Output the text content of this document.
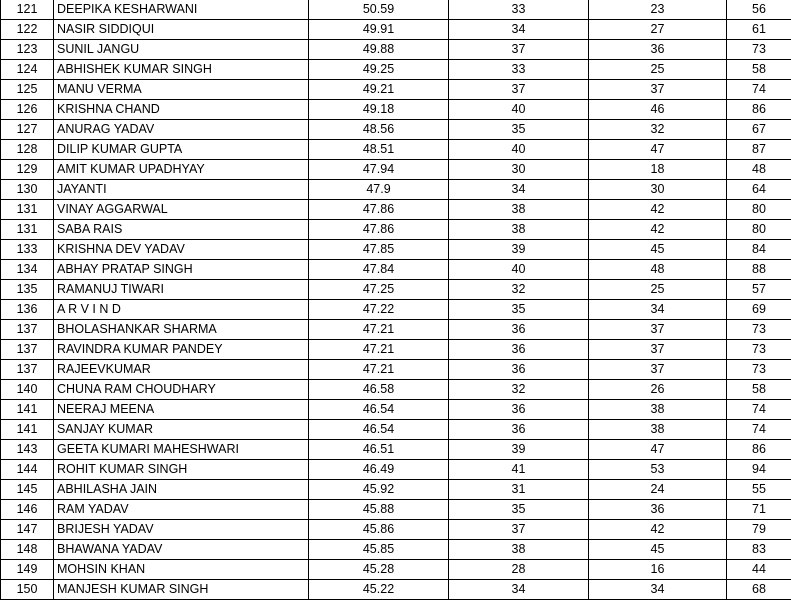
121	DEEPIKA KESHARWANI	50.59	33	23	56
122	NASIR SIDDIQUI	49.91	34	27	61
123	SUNIL JANGU	49.88	37	36	73
124	ABHISHEK KUMAR SINGH	49.25	33	25	58
125	MANU VERMA	49.21	37	37	74
126	KRISHNA CHAND	49.18	40	46	86
127	ANURAG YADAV	48.56	35	32	67
128	DILIP KUMAR GUPTA	48.51	40	47	87
129	AMIT KUMAR UPADHYAY	47.94	30	18	48
130	JAYANTI	47.9	34	30	64
131	VINAY AGGARWAL	47.86	38	42	80
131	SABA RAIS	47.86	38	42	80
133	KRISHNA DEV YADAV	47.85	39	45	84
134	ABHAY PRATAP SINGH	47.84	40	48	88
135	RAMANUJ TIWARI	47.25	32	25	57
136	A R V I N D	47.22	35	34	69
137	BHOLASHANKAR SHARMA	47.21	36	37	73
137	RAVINDRA KUMAR PANDEY	47.21	36	37	73
137	RAJEEVKUMAR	47.21	36	37	73
140	CHUNA RAM CHOUDHARY	46.58	32	26	58
141	NEERAJ MEENA	46.54	36	38	74
141	SANJAY KUMAR	46.54	36	38	74
143	GEETA KUMARI MAHESHWARI	46.51	39	47	86
144	ROHIT KUMAR SINGH	46.49	41	53	94
145	ABHILASHA JAIN	45.92	31	24	55
146	RAM YADAV	45.88	35	36	71
147	BRIJESH YADAV	45.86	37	42	79
148	BHAWANA YADAV	45.85	38	45	83
149	MOHSIN KHAN	45.28	28	16	44
150	MANJESH KUMAR SINGH	45.22	34	34	68
